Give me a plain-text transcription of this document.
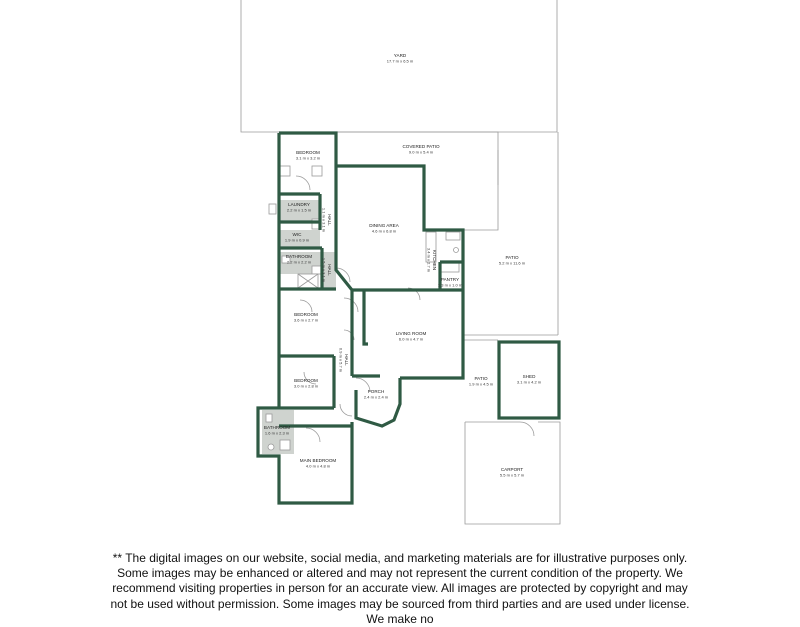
YARD
17.7 m x 6.5 m
COVERED PATIO
9.0 m x 5.4 m
BEDROOM
3.1 m x 3.2 m
LAUNDRY
2.2 m x 1.5 m
HALL
1.1 m x 3.1 m
WIC
1.9 m x 0.9 m
DINING AREA
4.6 m x 6.8 m
KITCHEN
3.4 m x 2.7 m	PATIO
5.2 m x 11.6 m
BATHROOM
2.2 m x 2.2 m
HALL
1.5 m x 3.1 m	PANTRY
1.3 m x 1.0 m
BEDROOM
3.6 m x 2.7 m
LIVING ROOM
6.0 m x 4.7 m
HALL
0.9 m x 5.7 m
SHED
3.1 m x 4.2 m
PATIO
1.9 m x 4.5 m
BEDROOM
3.0 m x 2.8 m
PORCH
2.4 m x 2.4 m
BATHROOM
1.6 m x 2.3 m
MAIN BEDROOM
4.0 m x 4.8 m
CARPORT
5.5 m x 5.7 m
** The digital images on our website, social media, and marketing materials are for illustrative purposes only. Some images may be enhanced or altered and may not represent the current condition of the property. We recommend visiting properties in person for an accurate view. All images are protected by copyright and may not be used without permission. Some images may be sourced from third parties and are used under license. We make no
